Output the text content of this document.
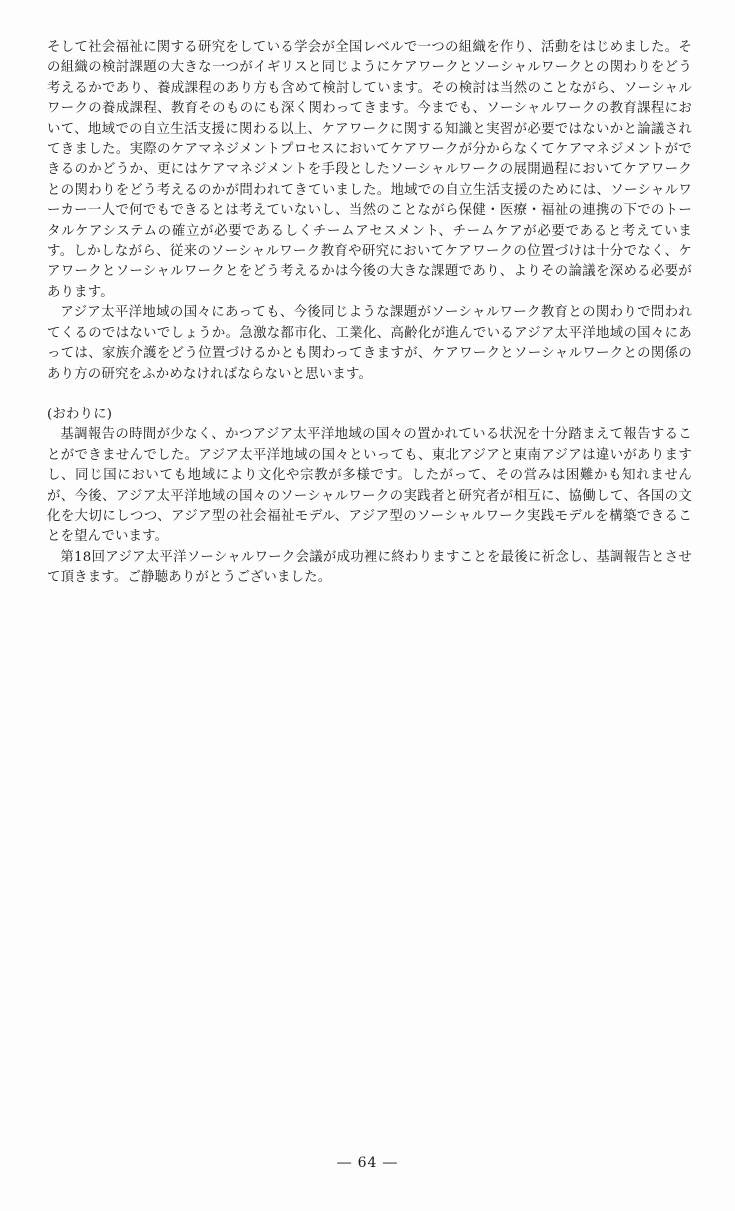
そして社会福祉に関する研究をしている学会が全国レベルで一つの組織を作り、活動をはじめました。その組織の検討課題の大きな一つがイギリスと同じようにケアワークとソーシャルワークとの関わりをどう考えるかであり、養成課程のあり方も含めて検討しています。その検討は当然のことながら、ソーシャルワークの養成課程、教育そのものにも深く関わってきます。今までも、ソーシャルワークの教育課程において、地域での自立生活支援に関わる以上、ケアワークに関する知識と実習が必要ではないかと論議されてきました。実際のケアマネジメントプロセスにおいてケアワークが分からなくてケアマネジメントができるのかどうか、更にはケアマネジメントを手段としたソーシャルワークの展開過程においてケアワークとの関わりをどう考えるのかが問われてきていました。地域での自立生活支援のためには、ソーシャルワーカー一人で何でもできるとは考えていないし、当然のことながら保健・医療・福祉の連携の下でのトータルケアシステムの確立が必要であるしくチームアセスメント、チームケアが必要であると考えています。しかしながら、従来のソーシャルワーク教育や研究においてケアワークの位置づけは十分でなく、ケアワークとソーシャルワークとをどう考えるかは今後の大きな課題であり、よりその論議を深める必要があります。

アジア太平洋地域の国々にあっても、今後同じような課題がソーシャルワーク教育との関わりで問われてくるのではないでしょうか。急激な都市化、工業化、高齢化が進んでいるアジア太平洋地域の国々にあっては、家族介護をどう位置づけるかとも関わってきますが、ケアワークとソーシャルワークとの関係のあり方の研究をふかめなければならないと思います。

(おわりに)

基調報告の時間が少なく、かつアジア太平洋地域の国々の置かれている状況を十分踏まえて報告することができませんでした。アジア太平洋地域の国々といっても、東北アジアと東南アジアは違いがありますし、同じ国においても地域により文化や宗教が多様です。したがって、その営みは困難かも知れませんが、今後、アジア太平洋地域の国々のソーシャルワークの実践者と研究者が相互に、協働して、各国の文化を大切にしつつ、アジア型の社会福祉モデル、アジア型のソーシャルワーク実践モデルを構築できることを望んでいます。

第18回アジア太平洋ソーシャルワーク会議が成功裡に終わりますことを最後に祈念し、基調報告とさせて頂きます。ご静聴ありがとうございました。

― 64 ―
